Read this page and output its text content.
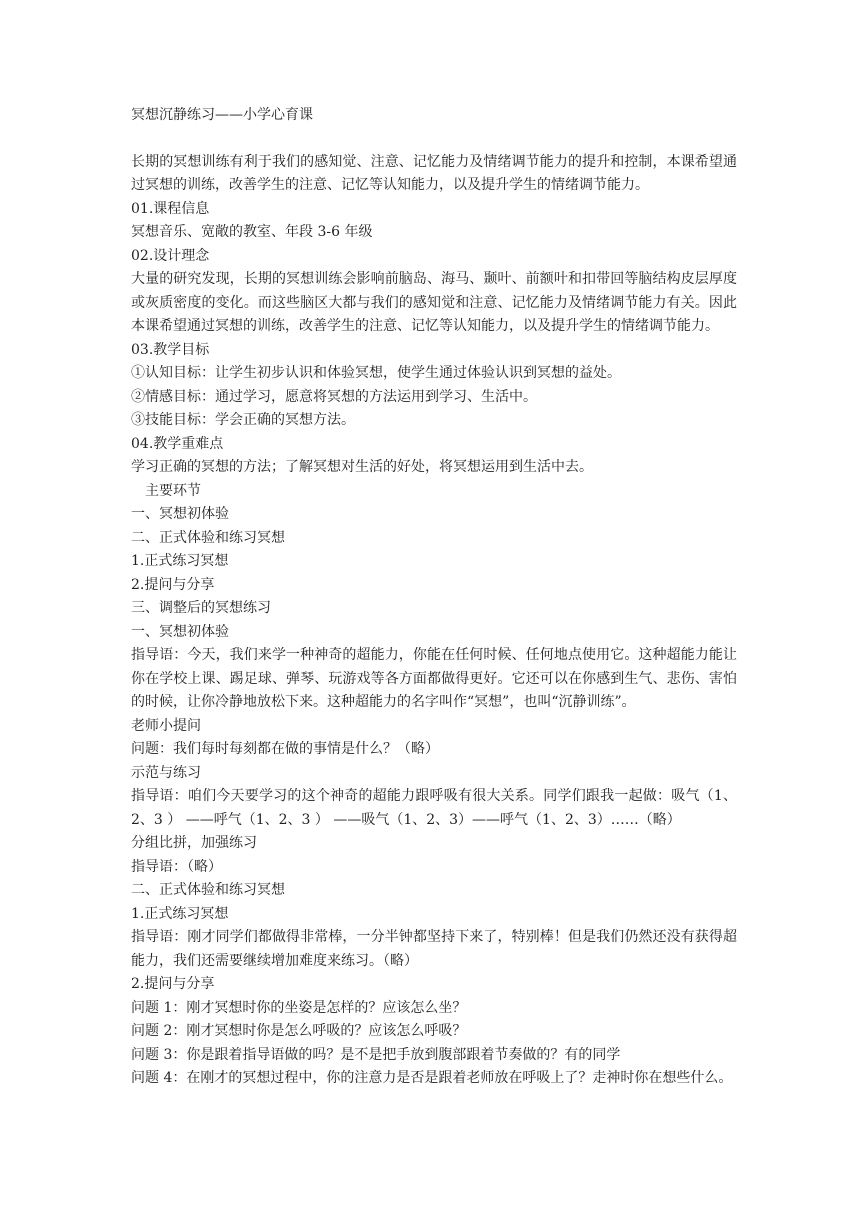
冥想沉静练习——小学心育课

长期的冥想训练有利于我们的感知觉、注意、记忆能力及情绪调节能力的提升和控制，本课希望通过冥想的训练，改善学生的注意、记忆等认知能力，以及提升学生的情绪调节能力。

01.课程信息

冥想音乐、宽敞的教室、年段 3-6 年级

02.设计理念

大量的研究发现，长期的冥想训练会影响前脑岛、海马、颞叶、前额叶和扣带回等脑结构皮层厚度或灰质密度的变化。而这些脑区大都与我们的感知觉和注意、记忆能力及情绪调节能力有关。因此本课希望通过冥想的训练，改善学生的注意、记忆等认知能力，以及提升学生的情绪调节能力。

03.教学目标

①认知目标：让学生初步认识和体验冥想，使学生通过体验认识到冥想的益处。

②情感目标：通过学习，愿意将冥想的方法运用到学习、生活中。

③技能目标：学会正确的冥想方法。

04.教学重难点

学习正确的冥想的方法；了解冥想对生活的好处，将冥想运用到生活中去。

主要环节

一、冥想初体验

二、正式体验和练习冥想

1.正式练习冥想

2.提问与分享

三、调整后的冥想练习

一、冥想初体验

指导语：今天，我们来学一种神奇的超能力，你能在任何时候、任何地点使用它。这种超能力能让你在学校上课、踢足球、弹琴、玩游戏等各方面都做得更好。它还可以在你感到生气、悲伤、害怕的时候，让你冷静地放松下来。这种超能力的名字叫作“冥想”，也叫“沉静训练”。

老师小提问

问题：我们每时每刻都在做的事情是什么？（略）

示范与练习

指导语：咱们今天要学习的这个神奇的超能力跟呼吸有很大关系。同学们跟我一起做：吸气（1、2、3 ） ——呼气（1、2、3 ） ——吸气（1、2、3）——呼气（1、2、3）……（略）

分组比拼，加强练习

指导语：（略）

二、正式体验和练习冥想

1.正式练习冥想

指导语：刚才同学们都做得非常棒，一分半钟都坚持下来了，特别棒！但是我们仍然还没有获得超能力，我们还需要继续增加难度来练习。（略）

2.提问与分享

问题 1：刚才冥想时你的坐姿是怎样的？应该怎么坐？

问题 2：刚才冥想时你是怎么呼吸的？应该怎么呼吸？

问题 3：你是跟着指导语做的吗？是不是把手放到腹部跟着节奏做的？有的同学

问题 4：在刚才的冥想过程中，你的注意力是否是跟着老师放在呼吸上了？走神时你在想些什么。
